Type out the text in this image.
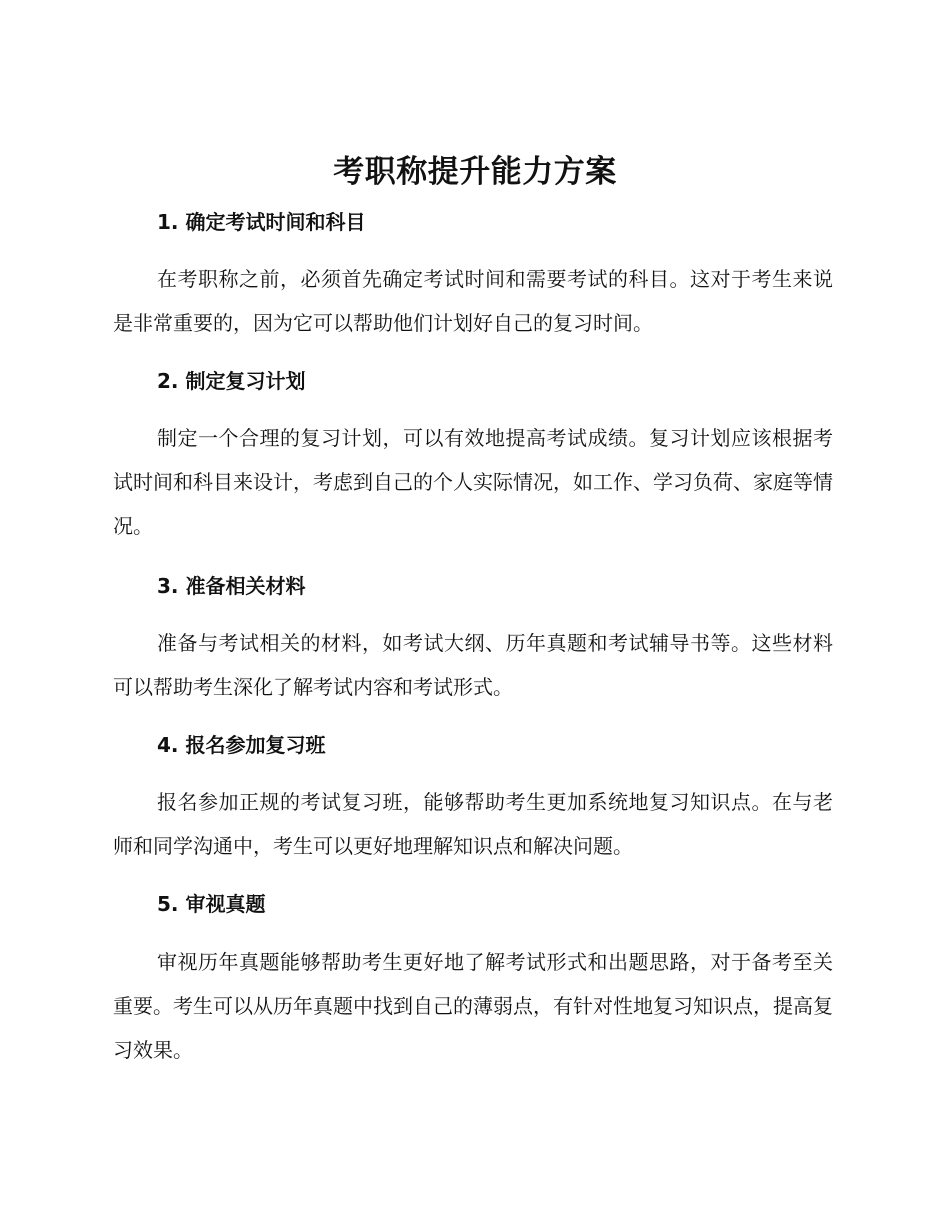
考职称提升能力方案
1. 确定考试时间和科目
在考职称之前，必须首先确定考试时间和需要考试的科目。这对于考生来说是非常重要的，因为它可以帮助他们计划好自己的复习时间。
2. 制定复习计划
制定一个合理的复习计划，可以有效地提高考试成绩。复习计划应该根据考试时间和科目来设计，考虑到自己的个人实际情况，如工作、学习负荷、家庭等情况。
3. 准备相关材料
准备与考试相关的材料，如考试大纲、历年真题和考试辅导书等。这些材料可以帮助考生深化了解考试内容和考试形式。
4. 报名参加复习班
报名参加正规的考试复习班，能够帮助考生更加系统地复习知识点。在与老师和同学沟通中，考生可以更好地理解知识点和解决问题。
5. 审视真题
审视历年真题能够帮助考生更好地了解考试形式和出题思路，对于备考至关重要。考生可以从历年真题中找到自己的薄弱点，有针对性地复习知识点，提高复习效果。
